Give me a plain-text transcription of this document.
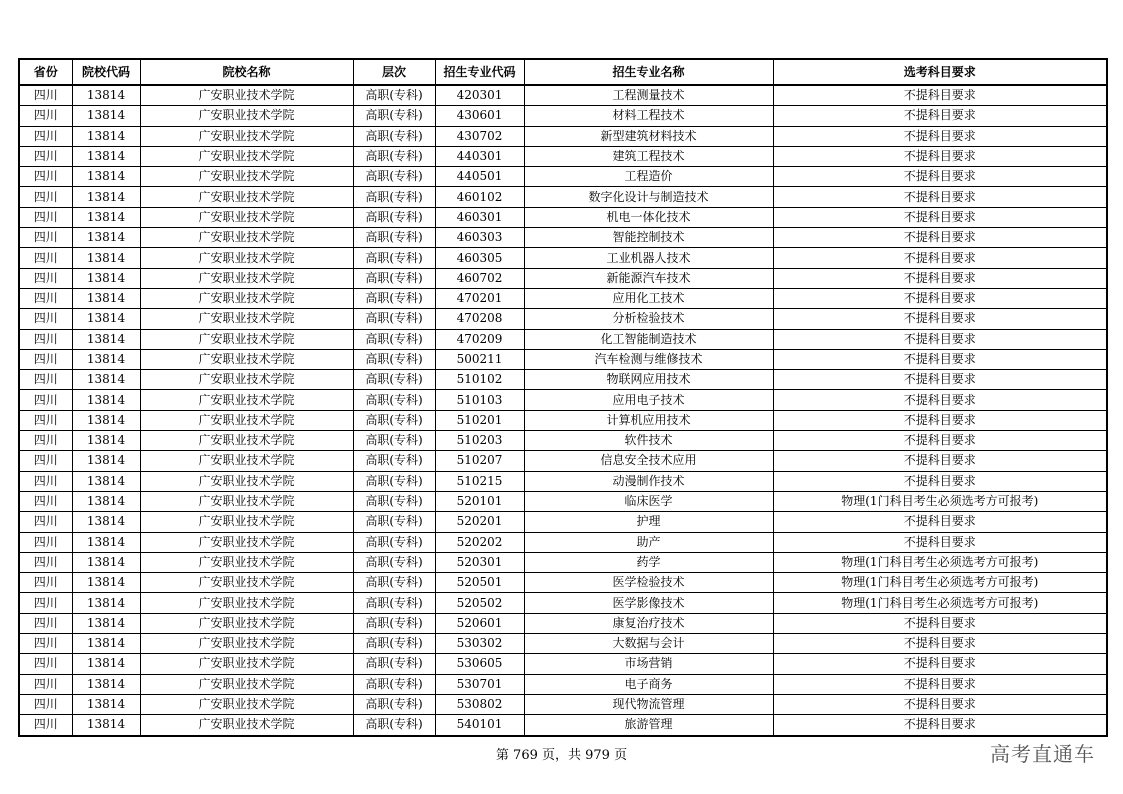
省份	院校代码	院校名称	层次	招生专业代码	招生专业名称	选考科目要求
四川	13814	广安职业技术学院	高职(专科)	420301	工程测量技术	不提科目要求
四川	13814	广安职业技术学院	高职(专科)	430601	材料工程技术	不提科目要求
四川	13814	广安职业技术学院	高职(专科)	430702	新型建筑材料技术	不提科目要求
四川	13814	广安职业技术学院	高职(专科)	440301	建筑工程技术	不提科目要求
四川	13814	广安职业技术学院	高职(专科)	440501	工程造价	不提科目要求
四川	13814	广安职业技术学院	高职(专科)	460102	数字化设计与制造技术	不提科目要求
四川	13814	广安职业技术学院	高职(专科)	460301	机电一体化技术	不提科目要求
四川	13814	广安职业技术学院	高职(专科)	460303	智能控制技术	不提科目要求
四川	13814	广安职业技术学院	高职(专科)	460305	工业机器人技术	不提科目要求
四川	13814	广安职业技术学院	高职(专科)	460702	新能源汽车技术	不提科目要求
四川	13814	广安职业技术学院	高职(专科)	470201	应用化工技术	不提科目要求
四川	13814	广安职业技术学院	高职(专科)	470208	分析检验技术	不提科目要求
四川	13814	广安职业技术学院	高职(专科)	470209	化工智能制造技术	不提科目要求
四川	13814	广安职业技术学院	高职(专科)	500211	汽车检测与维修技术	不提科目要求
四川	13814	广安职业技术学院	高职(专科)	510102	物联网应用技术	不提科目要求
四川	13814	广安职业技术学院	高职(专科)	510103	应用电子技术	不提科目要求
四川	13814	广安职业技术学院	高职(专科)	510201	计算机应用技术	不提科目要求
四川	13814	广安职业技术学院	高职(专科)	510203	软件技术	不提科目要求
四川	13814	广安职业技术学院	高职(专科)	510207	信息安全技术应用	不提科目要求
四川	13814	广安职业技术学院	高职(专科)	510215	动漫制作技术	不提科目要求
四川	13814	广安职业技术学院	高职(专科)	520101	临床医学	物理(1门科目考生必须选考方可报考)
四川	13814	广安职业技术学院	高职(专科)	520201	护理	不提科目要求
四川	13814	广安职业技术学院	高职(专科)	520202	助产	不提科目要求
四川	13814	广安职业技术学院	高职(专科)	520301	药学	物理(1门科目考生必须选考方可报考)
四川	13814	广安职业技术学院	高职(专科)	520501	医学检验技术	物理(1门科目考生必须选考方可报考)
四川	13814	广安职业技术学院	高职(专科)	520502	医学影像技术	物理(1门科目考生必须选考方可报考)
四川	13814	广安职业技术学院	高职(专科)	520601	康复治疗技术	不提科目要求
四川	13814	广安职业技术学院	高职(专科)	530302	大数据与会计	不提科目要求
四川	13814	广安职业技术学院	高职(专科)	530605	市场营销	不提科目要求
四川	13814	广安职业技术学院	高职(专科)	530701	电子商务	不提科目要求
四川	13814	广安职业技术学院	高职(专科)	530802	现代物流管理	不提科目要求
四川	13814	广安职业技术学院	高职(专科)	540101	旅游管理	不提科目要求
第 769 页，共 979 页	高考直通车
